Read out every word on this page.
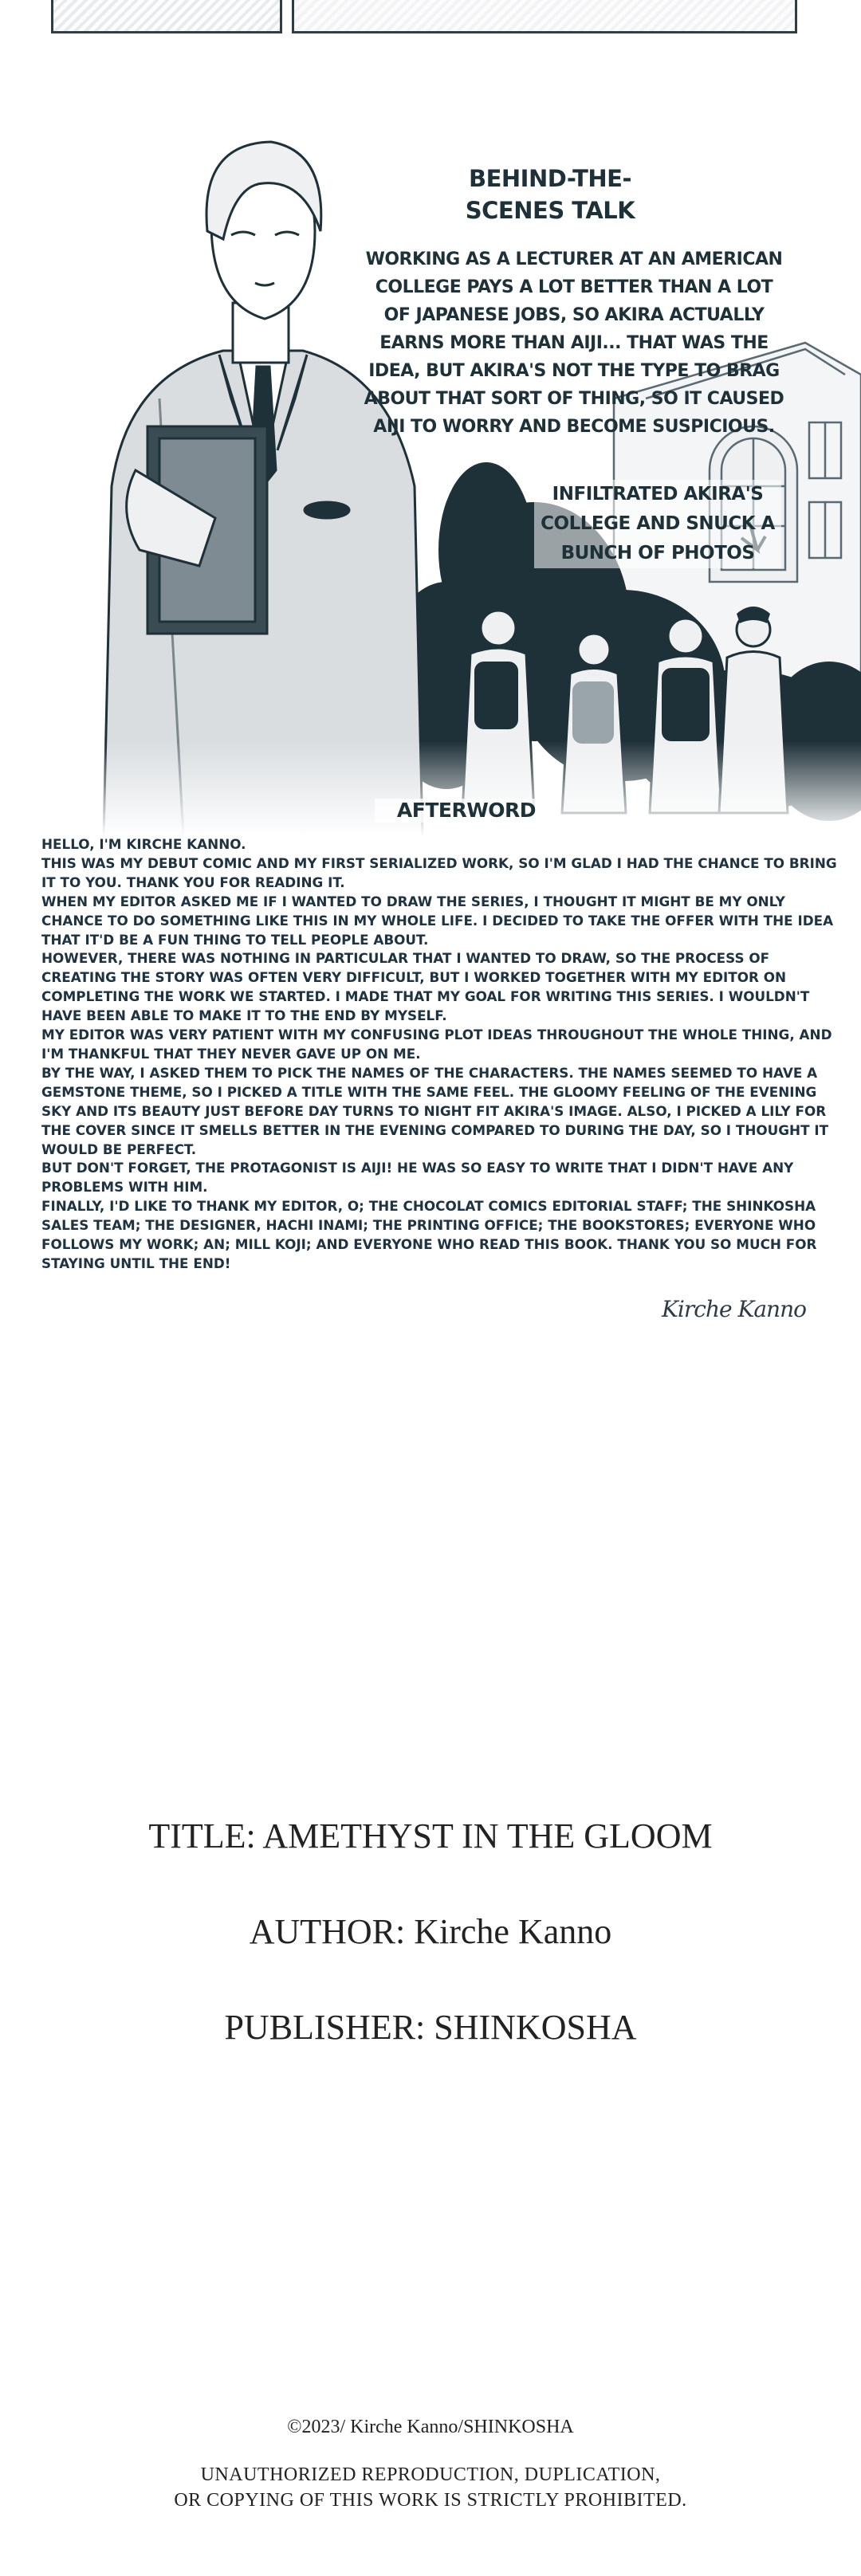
BEHIND-THE-
SCENES TALK
WORKING AS A LECTURER AT AN AMERICAN COLLEGE PAYS A LOT BETTER THAN A LOT OF JAPANESE JOBS, SO AKIRA ACTUALLY EARNS MORE THAN AIJI... THAT WAS THE IDEA, BUT AKIRA'S NOT THE TYPE TO BRAG ABOUT THAT SORT OF THING, SO IT CAUSED AIJI TO WORRY AND BECOME SUSPICIOUS.
INFILTRATED AKIRA'S COLLEGE AND SNUCK A BUNCH OF PHOTOS
AFTERWORD

HELLO, I'M KIRCHE KANNO.

THIS WAS MY DEBUT COMIC AND MY FIRST SERIALIZED WORK, SO I'M GLAD I HAD THE CHANCE TO BRING IT TO YOU. THANK YOU FOR READING IT.

WHEN MY EDITOR ASKED ME IF I WANTED TO DRAW THE SERIES, I THOUGHT IT MIGHT BE MY ONLY CHANCE TO DO SOMETHING LIKE THIS IN MY WHOLE LIFE. I DECIDED TO TAKE THE OFFER WITH THE IDEA THAT IT'D BE A FUN THING TO TELL PEOPLE ABOUT.

HOWEVER, THERE WAS NOTHING IN PARTICULAR THAT I WANTED TO DRAW, SO THE PROCESS OF CREATING THE STORY WAS OFTEN VERY DIFFICULT, BUT I WORKED TOGETHER WITH MY EDITOR ON COMPLETING THE WORK WE STARTED. I MADE THAT MY GOAL FOR WRITING THIS SERIES. I WOULDN'T HAVE BEEN ABLE TO MAKE IT TO THE END BY MYSELF.

MY EDITOR WAS VERY PATIENT WITH MY CONFUSING PLOT IDEAS THROUGHOUT THE WHOLE THING, AND I'M THANKFUL THAT THEY NEVER GAVE UP ON ME.

BY THE WAY, I ASKED THEM TO PICK THE NAMES OF THE CHARACTERS. THE NAMES SEEMED TO HAVE A GEMSTONE THEME, SO I PICKED A TITLE WITH THE SAME FEEL. THE GLOOMY FEELING OF THE EVENING SKY AND ITS BEAUTY JUST BEFORE DAY TURNS TO NIGHT FIT AKIRA'S IMAGE. ALSO, I PICKED A LILY FOR THE COVER SINCE IT SMELLS BETTER IN THE EVENING COMPARED TO DURING THE DAY, SO I THOUGHT IT WOULD BE PERFECT.

BUT DON'T FORGET, THE PROTAGONIST IS AIJI! HE WAS SO EASY TO WRITE THAT I DIDN'T HAVE ANY PROBLEMS WITH HIM.

FINALLY, I'D LIKE TO THANK MY EDITOR, O; THE CHOCOLAT COMICS EDITORIAL STAFF; THE SHINKOSHA SALES TEAM; THE DESIGNER, HACHI INAMI; THE PRINTING OFFICE; THE BOOKSTORES; EVERYONE WHO FOLLOWS MY WORK; AN; MILL KOJI; AND EVERYONE WHO READ THIS BOOK. THANK YOU SO MUCH FOR STAYING UNTIL THE END!

Kirche Kanno
TITLE: AMETHYST IN THE GLOOM
AUTHOR: Kirche Kanno
PUBLISHER: SHINKOSHA
©2023/ Kirche Kanno/SHINKOSHA
UNAUTHORIZED REPRODUCTION, DUPLICATION,
OR COPYING OF THIS WORK IS STRICTLY PROHIBITED.
